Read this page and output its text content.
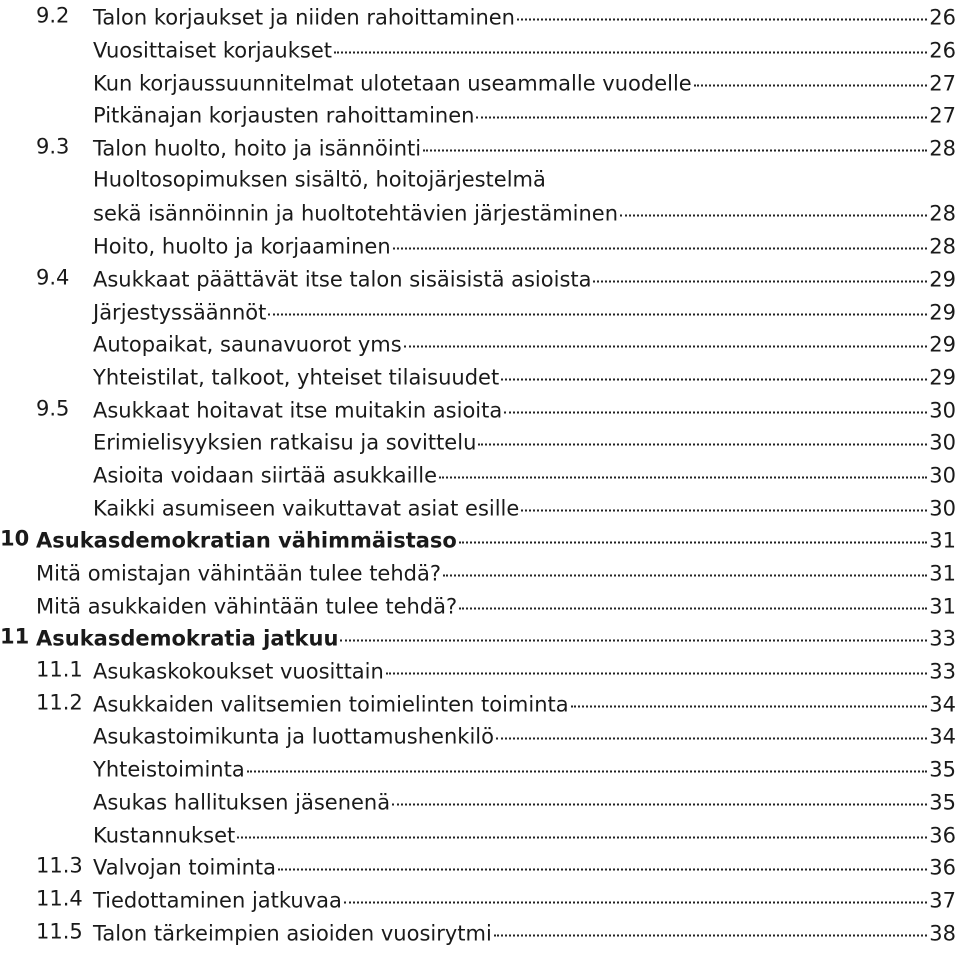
9.2 Talon korjaukset ja niiden rahoittaminen	26
Vuosittaiset korjaukset	26
Kun korjaussuunnitelmat ulotetaan useammalle vuodelle	27
Pitkänajan korjausten rahoittaminen	27
9.3 Talon huolto, hoito ja isännöinti	28
Huoltosopimuksen sisältö, hoitojärjestelmä
sekä isännöinnin ja huoltotehtävien järjestäminen	28
Hoito, huolto ja korjaaminen	28
9.4 Asukkaat päättävät itse talon sisäisistä asioista	29
Järjestyssäännöt	29
Autopaikat, saunavuorot yms	29
Yhteistilat, talkoot, yhteiset tilaisuudet	29
9.5 Asukkaat hoitavat itse muitakin asioita	30
Erimielisyyksien ratkaisu ja sovittelu	30
Asioita voidaan siirtää asukkaille	30
Kaikki asumiseen vaikuttavat asiat esille	30
10 Asukasdemokratian vähimmäistaso	31
Mitä omistajan vähintään tulee tehdä?	31
Mitä asukkaiden vähintään tulee tehdä?	31
11 Asukasdemokratia jatkuu	33
11.1 Asukaskokoukset vuosittain	33
11.2 Asukkaiden valitsemien toimielinten toiminta	34
Asukastoimikunta ja luottamushenkilö	34
Yhteistoiminta	35
Asukas hallituksen jäsenenä	35
Kustannukset	36
11.3 Valvojan toiminta	36
11.4 Tiedottaminen jatkuvaa	37
11.5 Talon tärkeimpien asioiden vuosirytmi	38
